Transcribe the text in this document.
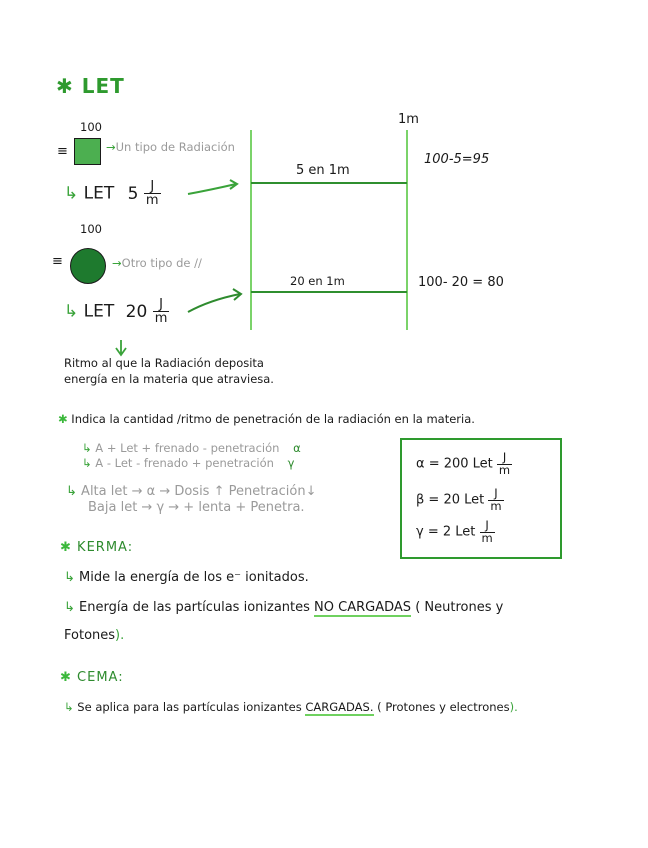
✱ LET
100
≡	→Un tipo de Radiación
↳ LET $5 \frac{J}{m}$
100
≡	→Otro tipo de //
↳ LET $20 \frac{J}{m}$
1m
5 en 1m
20 en 1m
100-5=95
100- 20 = 80
Ritmo al que la Radiación deposita
energía en la materia que atraviesa.
✱ Indica la cantidad /ritmo de penetración de la radiación en la materia.
↳ A + Let + frenado - penetración α
↳ A - Let - frenado + penetración γ
↳ Alta let → α → Dosis ↑ Penetración↓
Baja let → γ → + lenta + Penetra.
α = 200 Let $\frac{J}{m}$
β = 20 Let $\frac{J}{m}$
γ = 2 Let $\frac{J}{m}$
✱ KERMA:
↳ Mide la energía de los e⁻ ionitados.
↳ Energía de las partículas ionizantes NO CARGADAS ( Neutrones y
Fotones).
✱ CEMA:
↳ Se aplica para las partículas ionizantes CARGADAS. ( Protones y electrones).
